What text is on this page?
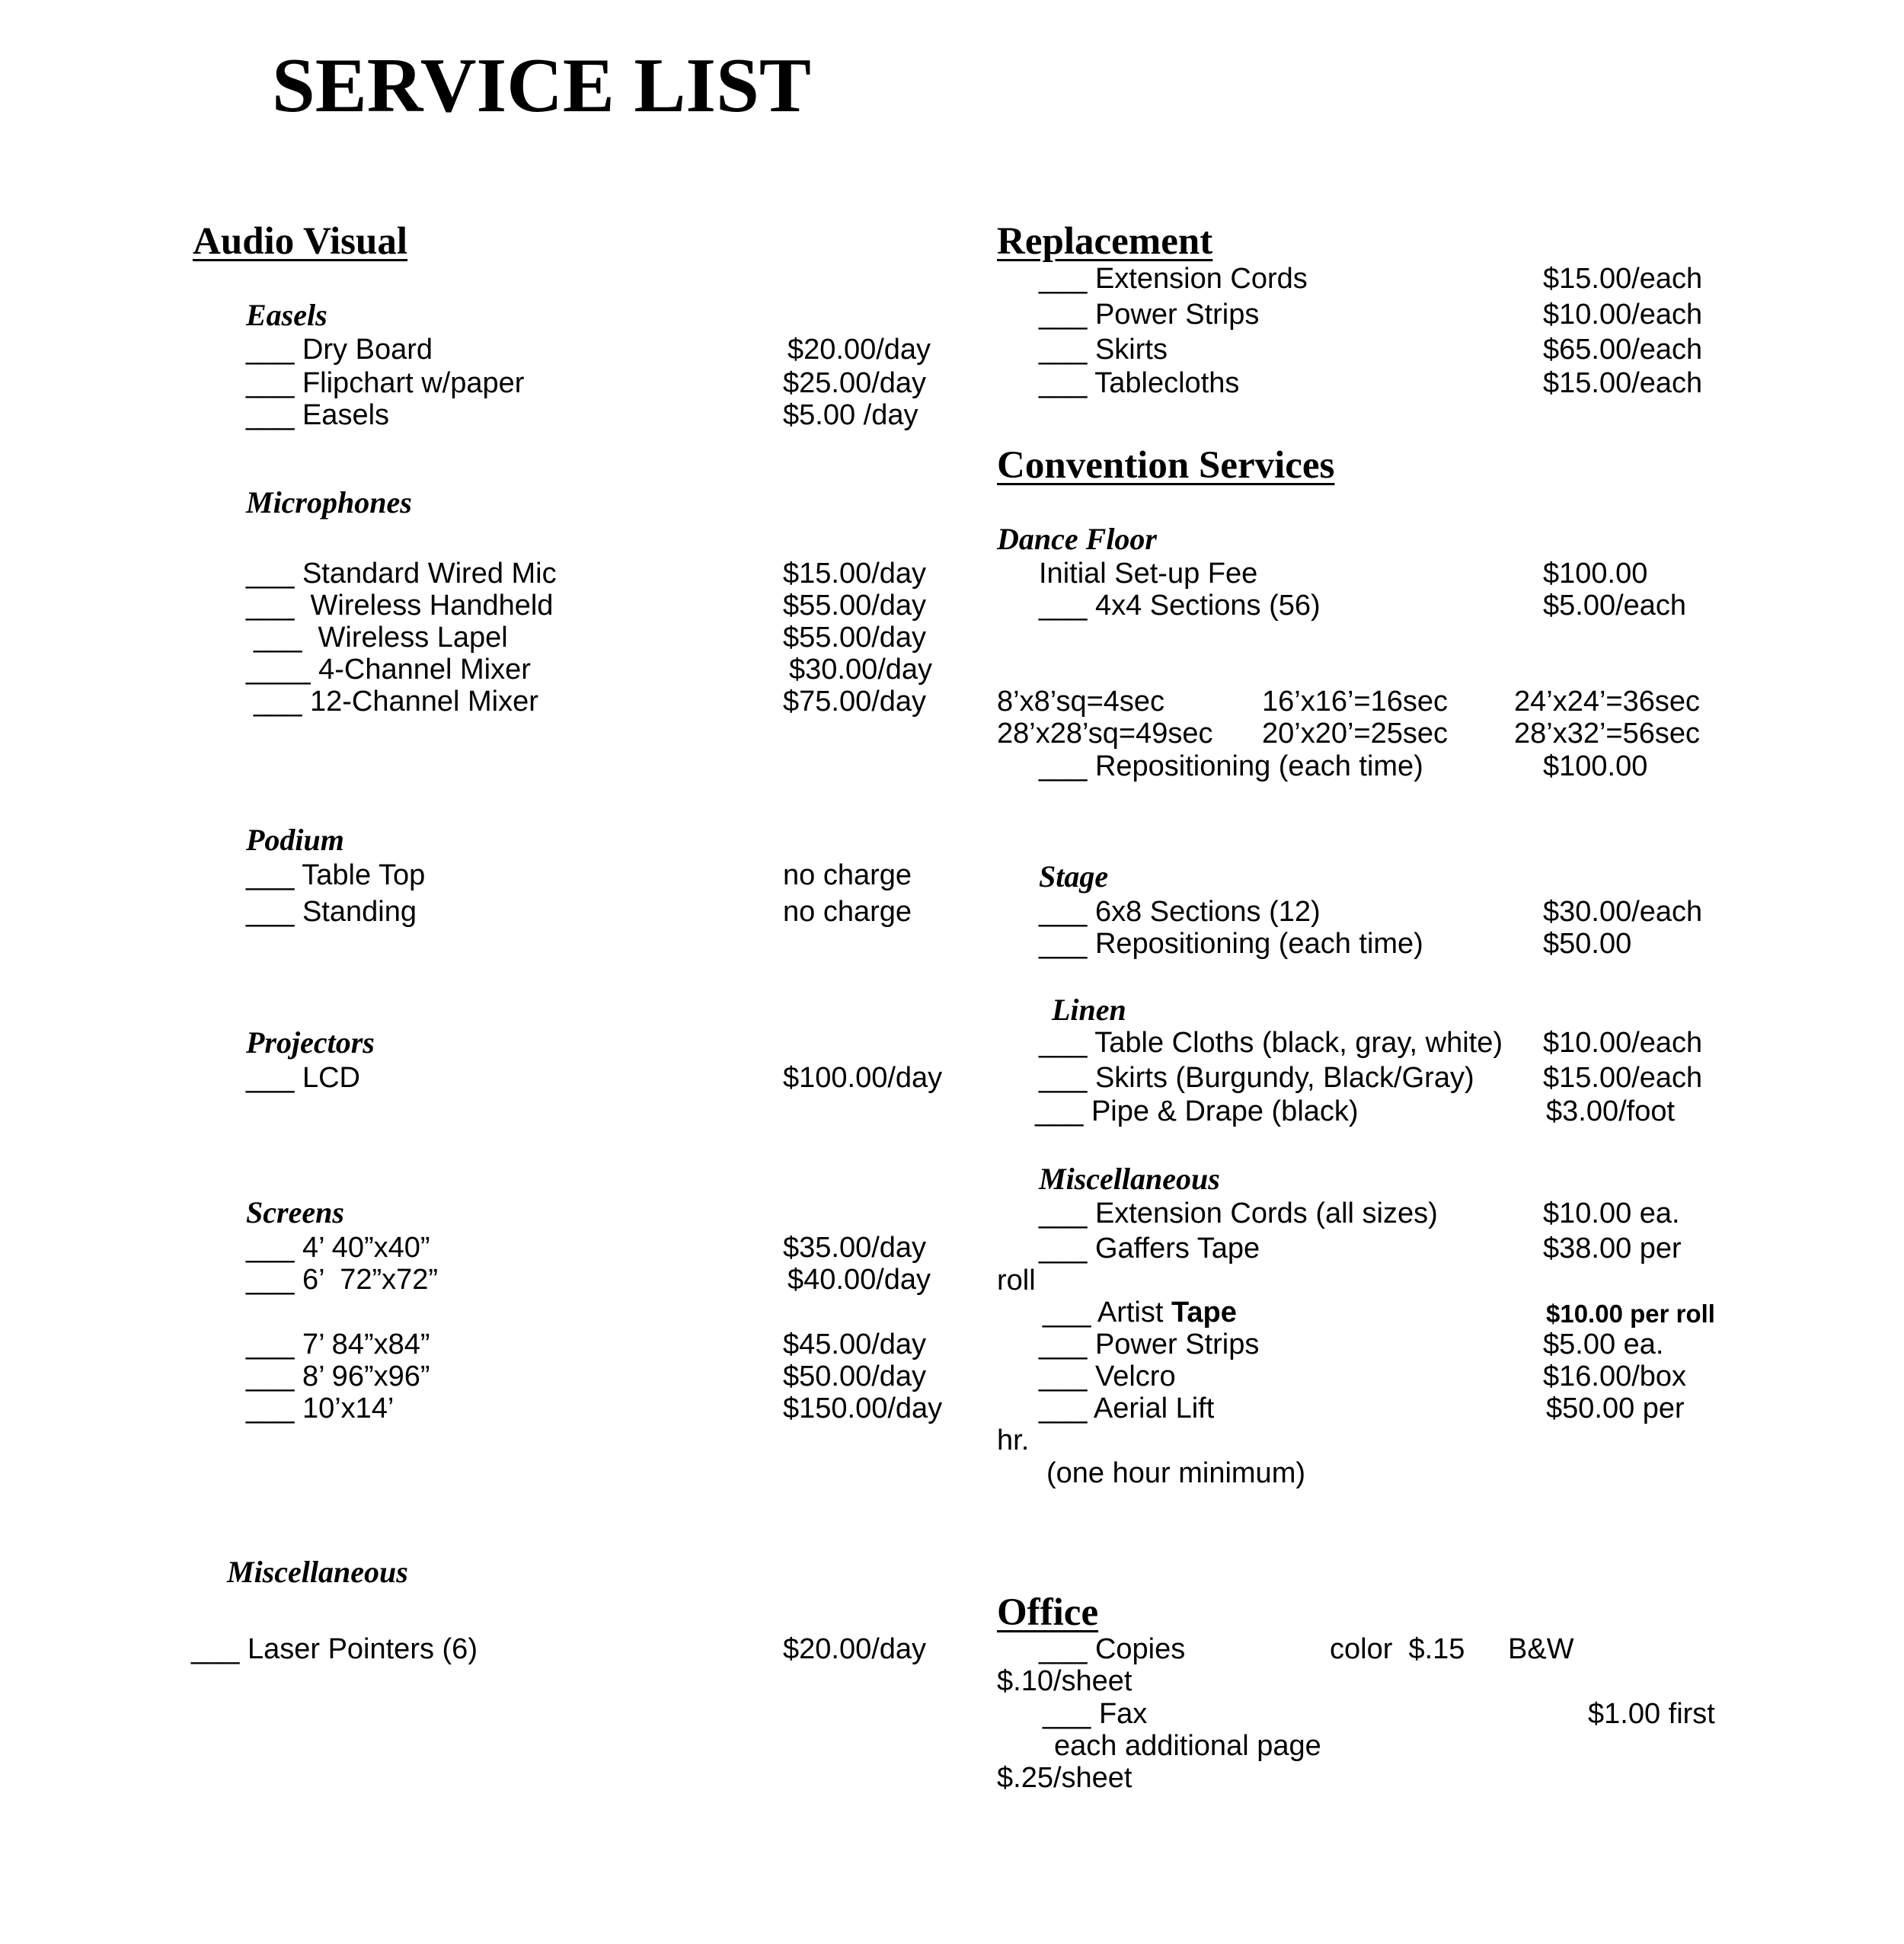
SERVICE LIST
Audio Visual
Easels
___ Dry Board	$20.00/day
___ Flipchart w/paper	$25.00/day
___ Easels	$5.00 /day
Microphones
___ Standard Wired Mic	$15.00/day
___  Wireless Handheld	$55.00/day
___  Wireless Lapel	$55.00/day
____ 4-Channel Mixer	$30.00/day
___ 12-Channel Mixer	$75.00/day
Podium
___ Table Top	no charge
___ Standing	no charge
Projectors
___ LCD	$100.00/day
Screens
___ 4’ 40”x40”	$35.00/day
___ 6’  72”x72”	$40.00/day
___ 7’ 84”x84”	$45.00/day
___ 8’ 96”x96”	$50.00/day
___ 10’x14’	$150.00/day
Miscellaneous
___ Laser Pointers (6)	$20.00/day
Replacement
___ Extension Cords	$15.00/each
___ Power Strips	$10.00/each
___ Skirts	$65.00/each
___ Tablecloths	$15.00/each
Convention Services
Dance Floor
Initial Set-up Fee	$100.00
___ 4x4 Sections (56)	$5.00/each
8’x8’sq=4sec	16’x16’=16sec 24’x24’=36sec
28’x28’sq=49sec 20’x20’=25sec 28’x32’=56sec
___ Repositioning (each time)	$100.00
Stage
___ 6x8 Sections (12)	$30.00/each
___ Repositioning (each time)	$50.00
Linen
___ Table Cloths (black, gray, white) $10.00/each
___ Skirts (Burgundy, Black/Gray) $15.00/each
___ Pipe & Drape (black)	$3.00/foot
Miscellaneous
___ Extension Cords (all sizes)	$10.00 ea.
___ Gaffers Tape	$38.00 per
roll
___ Artist Tape	$10.00 per roll
___ Power Strips	$5.00 ea.
___ Velcro	$16.00/box
___ Aerial Lift	$50.00 per
hr.
(one hour minimum)
Office
___ Copies	color  $.15 B&W
$.10/sheet
___ Fax	$1.00 first
each additional page
$.25/sheet
